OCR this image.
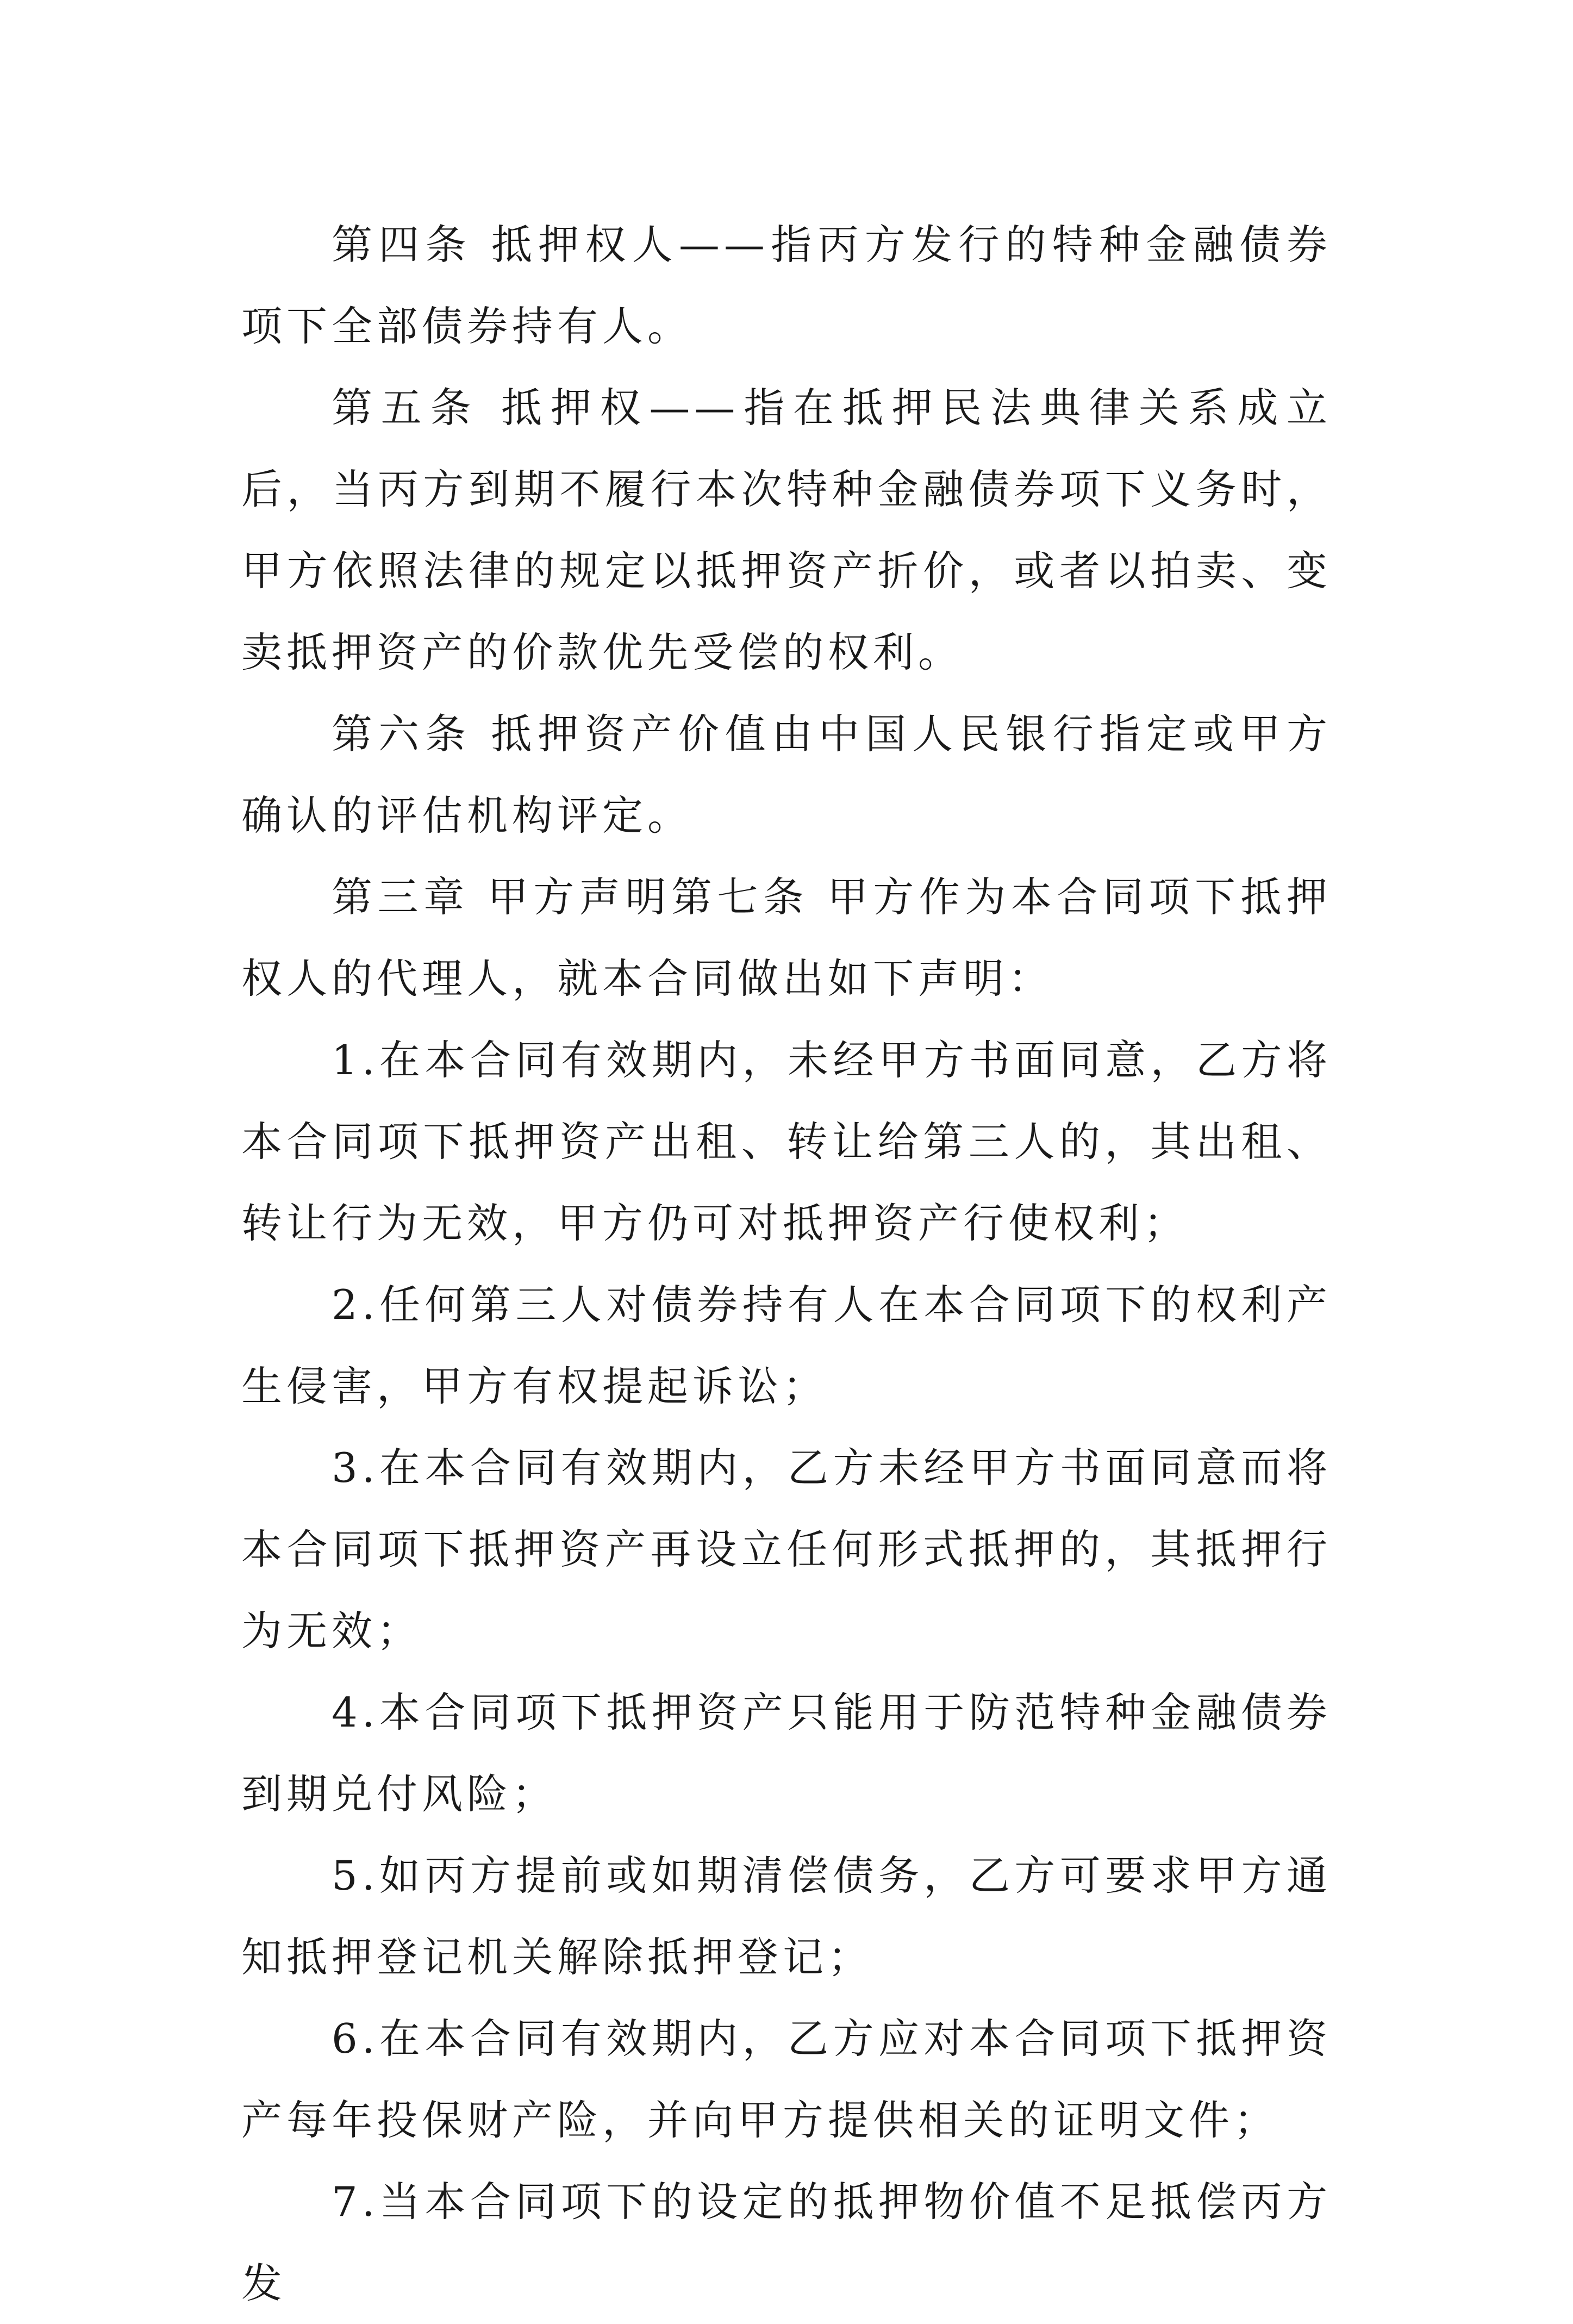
第四条 抵押权人——指丙方发行的特种金融债券项下全部债券持有人。

第五条 抵押权——指在抵押民法典律关系成立后，当丙方到期不履行本次特种金融债券项下义务时，甲方依照法律的规定以抵押资产折价，或者以拍卖、变卖抵押资产的价款优先受偿的权利。

第六条 抵押资产价值由中国人民银行指定或甲方确认的评估机构评定。

第三章 甲方声明第七条 甲方作为本合同项下抵押权人的代理人，就本合同做出如下声明：

1.在本合同有效期内，未经甲方书面同意，乙方将本合同项下抵押资产出租、转让给第三人的，其出租、转让行为无效，甲方仍可对抵押资产行使权利；

2.任何第三人对债券持有人在本合同项下的权利产生侵害，甲方有权提起诉讼；

3.在本合同有效期内，乙方未经甲方书面同意而将本合同项下抵押资产再设立任何形式抵押的，其抵押行为无效；

4.本合同项下抵押资产只能用于防范特种金融债券到期兑付风险；

5.如丙方提前或如期清偿债务，乙方可要求甲方通知抵押登记机关解除抵押登记；

6.在本合同有效期内，乙方应对本合同项下抵押资产每年投保财产险，并向甲方提供相关的证明文件；

7.当本合同项下的设定的抵押物价值不足抵偿丙方发
